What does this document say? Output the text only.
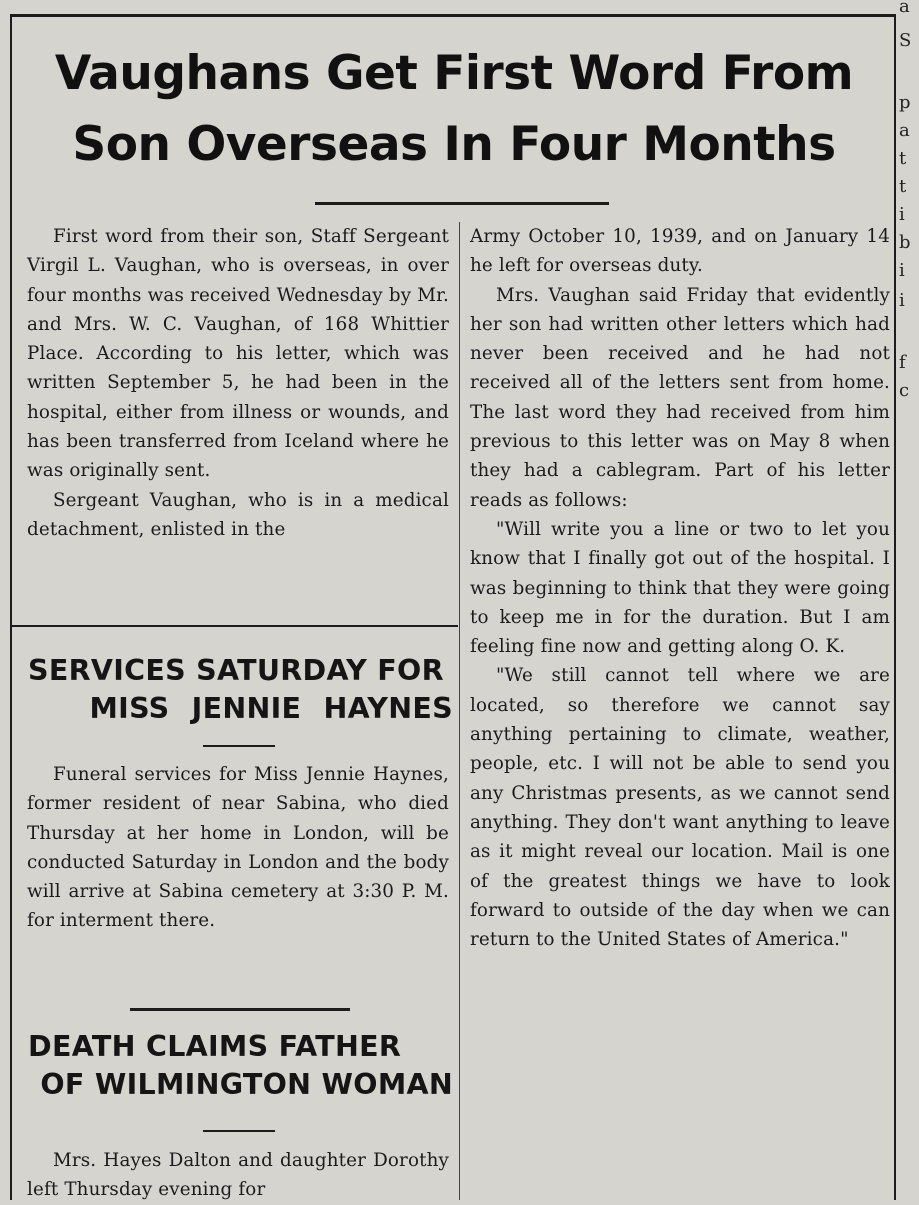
Vaughans Get First Word From
Son Overseas In Four Months

First word from their son, Staff Sergeant Virgil L. Vaughan, who is overseas, in over four months was received Wednesday by Mr. and Mrs. W. C. Vaughan, of 168 Whittier Place. According to his letter, which was written September 5, he had been in the hospital, either from illness or wounds, and has been transferred from Iceland where he was originally sent.

Sergeant Vaughan, who is in a medical detachment, enlisted in the

SERVICES SATURDAY FOR

MISS JENNIE HAYNES

Funeral services for Miss Jennie Haynes, former resident of near Sabina, who died Thursday at her home in London, will be conducted Saturday in London and the body will arrive at Sabina cemetery at 3:30 P. M. for interment there.

DEATH CLAIMS FATHER

OF WILMINGTON WOMAN

Mrs. Hayes Dalton and daughter Dorothy left Thursday evening for

Army October 10, 1939, and on January 14 he left for overseas duty.

Mrs. Vaughan said Friday that evidently her son had written other letters which had never been received and he had not received all of the letters sent from home. The last word they had received from him previous to this letter was on May 8 when they had a cablegram. Part of his letter reads as follows:

"Will write you a line or two to let you know that I finally got out of the hospital. I was beginning to think that they were going to keep me in for the duration. But I am feeling fine now and getting along O. K.

"We still cannot tell where we are located, so therefore we cannot say anything pertaining to climate, weather, people, etc. I will not be able to send you any Christmas presents, as we cannot send anything. They don't want anything to leave as it might reveal our location. Mail is one of the greatest things we have to look forward to outside of the day when we can return to the United States of America."

a
S
p
a
t
t
i
b
i
i
f
c
